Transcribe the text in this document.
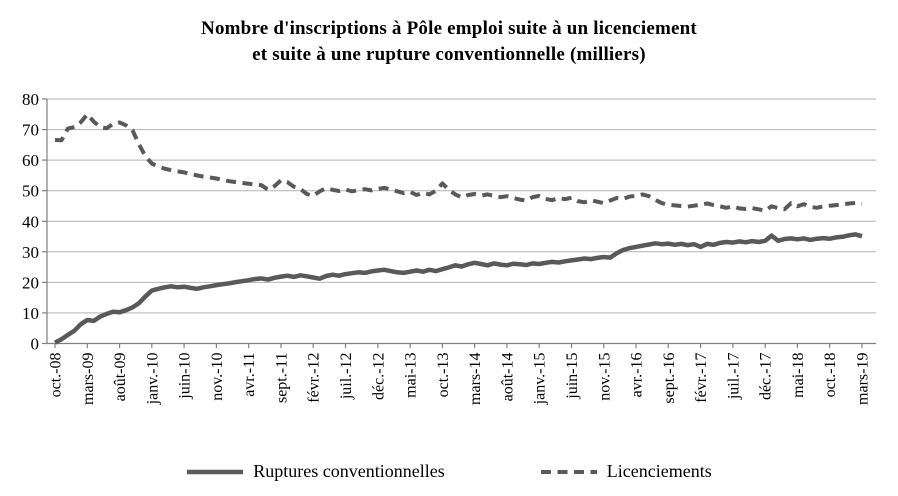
Nombre d'inscriptions à Pôle emploi suite à un licenciement
et suite à une rupture conventionnelle (milliers)
0
10
20
30
40
50
60
70
80
oct.-08 mars-09 août-09 janv.-10 juin-10 nov.-10 avr.-11 sept.-11 févr.-12 juil.-12 déc.-12 mai-13 oct.-13 mars-14 août-14 janv.-15 juin-15 nov.-15 avr.-16 sept.-16 févr.-17 juil.-17 déc.-17 mai-18 oct.-18 mars-19
Ruptures conventionnelles	Licenciements
